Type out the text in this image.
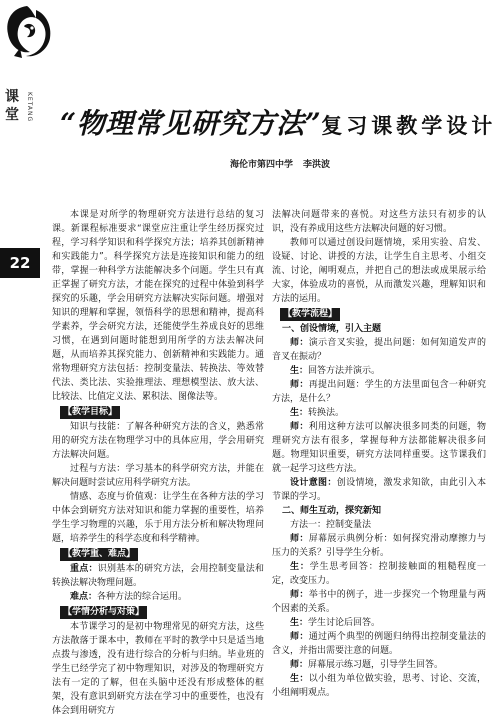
课
堂 KETANG
22
“物理常见研究方法”复习课教学设计
海伦市第四中学 李洪波

本课是对所学的物理研究方法进行总结的复习课。新课程标准要求“课堂应注重让学生经历探究过程，学习科学知识和科学探究方法；培养其创新精神和实践能力”。科学探究方法是连接知识和能力的纽带，掌握一种科学方法能解决多个问题。学生只有真正掌握了研究方法，才能在探究的过程中体验到科学探究的乐趣，学会用研究方法解决实际问题。增强对知识的理解和掌握，领悟科学的思想和精神，提高科学素养，学会研究方法，还能使学生养成良好的思维习惯，在遇到问题时能想到用所学的方法去解决问题，从而培养其探究能力、创新精神和实践能力。通常物理研究方法包括：控制变量法、转换法、等效替代法、类比法、实验推理法、理想模型法、放大法、比较法、比值定义法、累积法、图像法等。

【教学目标】

知识与技能：了解各种研究方法的含义，熟悉常用的研究方法在物理学习中的具体应用，学会用研究方法解决问题。

过程与方法：学习基本的科学研究方法，并能在解决问题时尝试应用科学研究方法。

情感、态度与价值观：让学生在各种方法的学习中体会到研究方法对知识和能力掌握的重要性，培养学生学习物理的兴趣，乐于用方法分析和解决物理问题，培养学生的科学态度和科学精神。

【教学重、难点】

重点：识别基本的研究方法，会用控制变量法和转换法解决物理问题。

难点：各种方法的综合运用。

【学情分析与对策】

本节课学习的是初中物理常见的研究方法，这些方法散落于课本中，教师在平时的教学中只是适当地点拨与渗透，没有进行综合的分析与归纳。毕业班的学生已经学完了初中物理知识，对涉及的物理研究方法有一定的了解，但在头脑中还没有形成整体的框架，没有意识到研究方法在学习中的重要性，也没有体会到用研究方

法解决问题带来的喜悦。对这些方法只有初步的认识，没有养成用这些方法解决问题的好习惯。

教师可以通过创设问题情境，采用实验、启发、设疑、讨论、讲授的方法，让学生自主思考、小组交流、讨论，阐明观点，并把自己的想法或成果展示给大家，体验成功的喜悦，从而激发兴趣，理解知识和方法的运用。

【教学流程】

一、创设情境，引入主题

师：演示音叉实验，提出问题：如何知道发声的音叉在振动？

生：回答方法并演示。

师：再提出问题：学生的方法里面包含一种研究方法，是什么？

生：转换法。

师：利用这种方法可以解决很多同类的问题，物理研究方法有很多，掌握每种方法都能解决很多问题。物理知识重要，研究方法同样重要。这节课我们就一起学习这些方法。

设计意图：创设情境，激发求知欲，由此引入本节课的学习。

二、师生互动，探究新知

方法一：控制变量法

师：屏幕展示典例分析：如何探究滑动摩擦力与压力的关系？引导学生分析。

生：学生思考回答：控制接触面的粗糙程度一定，改变压力。

师：举书中的例子，进一步探究一个物理量与两个因素的关系。

生：学生讨论后回答。

师：通过两个典型的例题归纳得出控制变量法的含义，并指出需要注意的问题。

师：屏幕展示练习题，引导学生回答。

生：以小组为单位做实验，思考、讨论、交流，小组阐明观点。
